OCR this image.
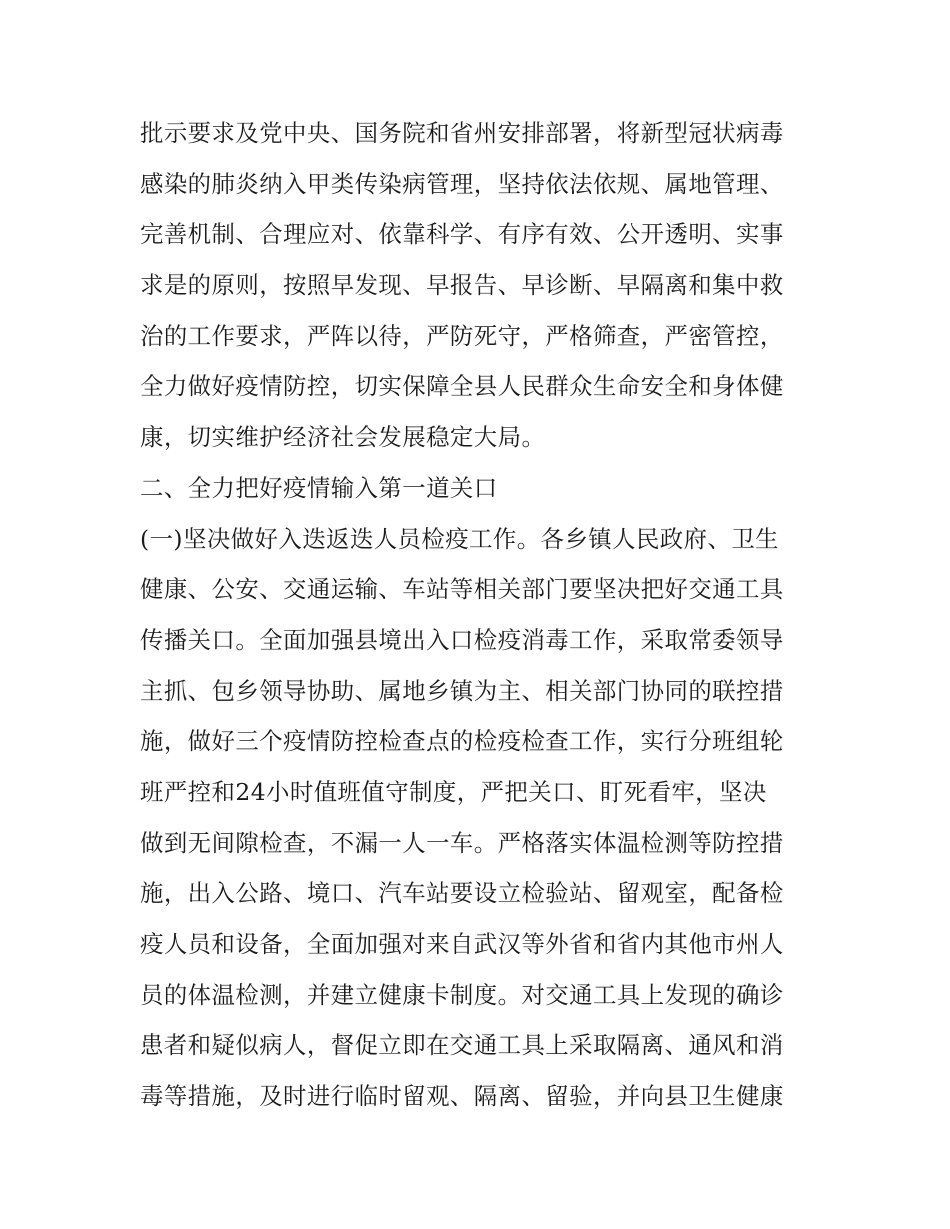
批示要求及党中央、国务院和省州安排部署，将新型冠状病毒
感染的肺炎纳入甲类传染病管理，坚持依法依规、属地管理、
完善机制、合理应对、依靠科学、有序有效、公开透明、实事
求是的原则，按照早发现、早报告、早诊断、早隔离和集中救
治的工作要求，严阵以待，严防死守，严格筛查，严密管控，
全力做好疫情防控，切实保障全县人民群众生命安全和身体健
康，切实维护经济社会发展稳定大局。
二、全力把好疫情输入第一道关口
(一)坚决做好入迭返迭人员检疫工作。各乡镇人民政府、卫生
健康、公安、交通运输、车站等相关部门要坚决把好交通工具
传播关口。全面加强县境出入口检疫消毒工作，采取常委领导
主抓、包乡领导协助、属地乡镇为主、相关部门协同的联控措
施，做好三个疫情防控检查点的检疫检查工作，实行分班组轮
班严控和24小时值班值守制度，严把关口、盯死看牢，坚决
做到无间隙检查，不漏一人一车。严格落实体温检测等防控措
施，出入公路、境口、汽车站要设立检验站、留观室，配备检
疫人员和设备，全面加强对来自武汉等外省和省内其他市州人
员的体温检测，并建立健康卡制度。对交通工具上发现的确诊
患者和疑似病人，督促立即在交通工具上采取隔离、通风和消
毒等措施，及时进行临时留观、隔离、留验，并向县卫生健康
